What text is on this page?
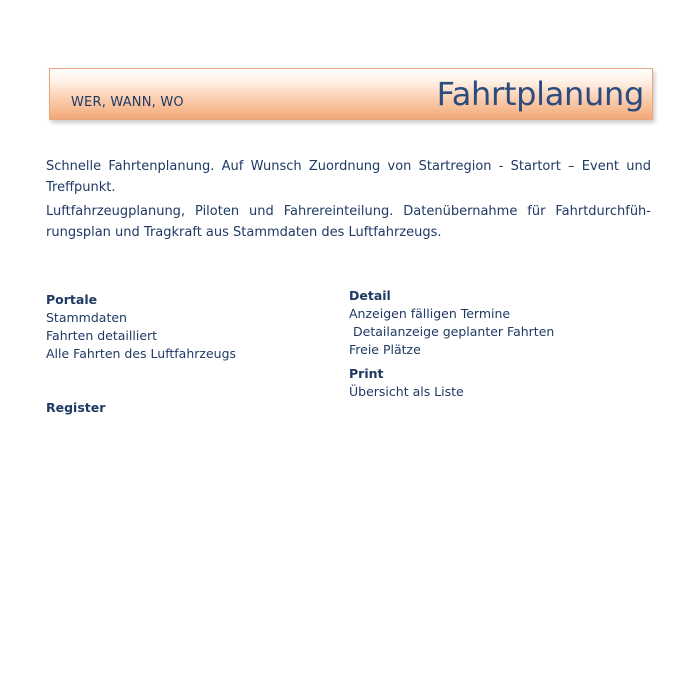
WER, WANN, WO	Fahrtplanung

Schnelle Fahrtenplanung. Auf Wunsch Zuordnung von Startregion - Startort – Event und Treffpunkt.

Luftfahrzeugplanung, Piloten und Fahrereinteilung. Datenübernahme für Fahrtdurchführungsplan und Tragkraft aus Stammdaten des Luftfahrzeugs.

Portale
Stammdaten
Fahrten detailliert
Alle Fahrten des Luftfahrzeugs
Register
Detail
Anzeigen fälligen Termine
Detailanzeige geplanter Fahrten
Freie Plätze
Print
Übersicht als Liste
